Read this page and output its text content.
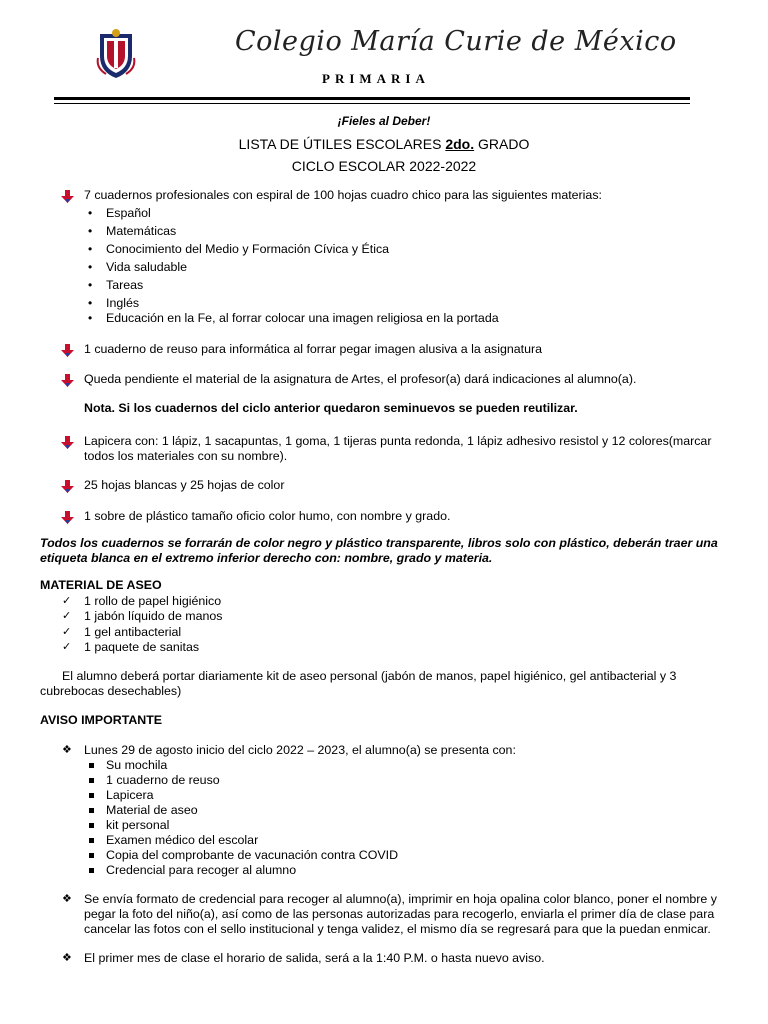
Colegio María Curie de México
PRIMARIA
¡Fieles al Deber!
LISTA DE ÚTILES ESCOLARES 2do. GRADO
CICLO ESCOLAR 2022-2022
7 cuadernos profesionales con espiral de 100 hojas cuadro chico para las siguientes materias:
• Español
• Matemáticas
• Conocimiento del Medio y Formación Cívica y Ética
• Vida saludable
• Tareas
• Inglés
• Educación en la Fe, al forrar colocar una imagen religiosa en la portada
1 cuaderno de reuso para informática al forrar pegar imagen alusiva a la asignatura
Queda pendiente el material de la asignatura de Artes, el profesor(a) dará indicaciones al alumno(a).
Nota. Si los cuadernos del ciclo anterior quedaron seminuevos se pueden reutilizar.
Lapicera con: 1 lápiz, 1 sacapuntas, 1 goma, 1 tijeras punta redonda, 1 lápiz adhesivo resistol y 12 colores(marcar
todos los materiales con su nombre).
25 hojas blancas y 25 hojas de color
1 sobre de plástico tamaño oficio color humo, con nombre y grado.
Todos los cuadernos se forrarán de color negro y plástico transparente, libros solo con plástico, deberán traer una
etiqueta blanca en el extremo inferior derecho con: nombre, grado y materia.
MATERIAL DE ASEO
✓ 1 rollo de papel higiénico
✓ 1 jabón líquido de manos
✓ 1 gel antibacterial
✓ 1 paquete de sanitas
El alumno deberá portar diariamente kit de aseo personal (jabón de manos, papel higiénico, gel antibacterial y 3
cubrebocas desechables)
AVISO IMPORTANTE
❖ Lunes 29 de agosto inicio del ciclo 2022 – 2023, el alumno(a) se presenta con:
Su mochila
1 cuaderno de reuso
Lapicera
Material de aseo
kit personal
Examen médico del escolar
Copia del comprobante de vacunación contra COVID
Credencial para recoger al alumno
❖ Se envía formato de credencial para recoger al alumno(a), imprimir en hoja opalina color blanco, poner el nombre y
pegar la foto del niño(a), así como de las personas autorizadas para recogerlo, enviarla el primer día de clase para
cancelar las fotos con el sello institucional y tenga validez, el mismo día se regresará para que la puedan enmicar.
❖ El primer mes de clase el horario de salida, será a la 1:40 P.M. o hasta nuevo aviso.
